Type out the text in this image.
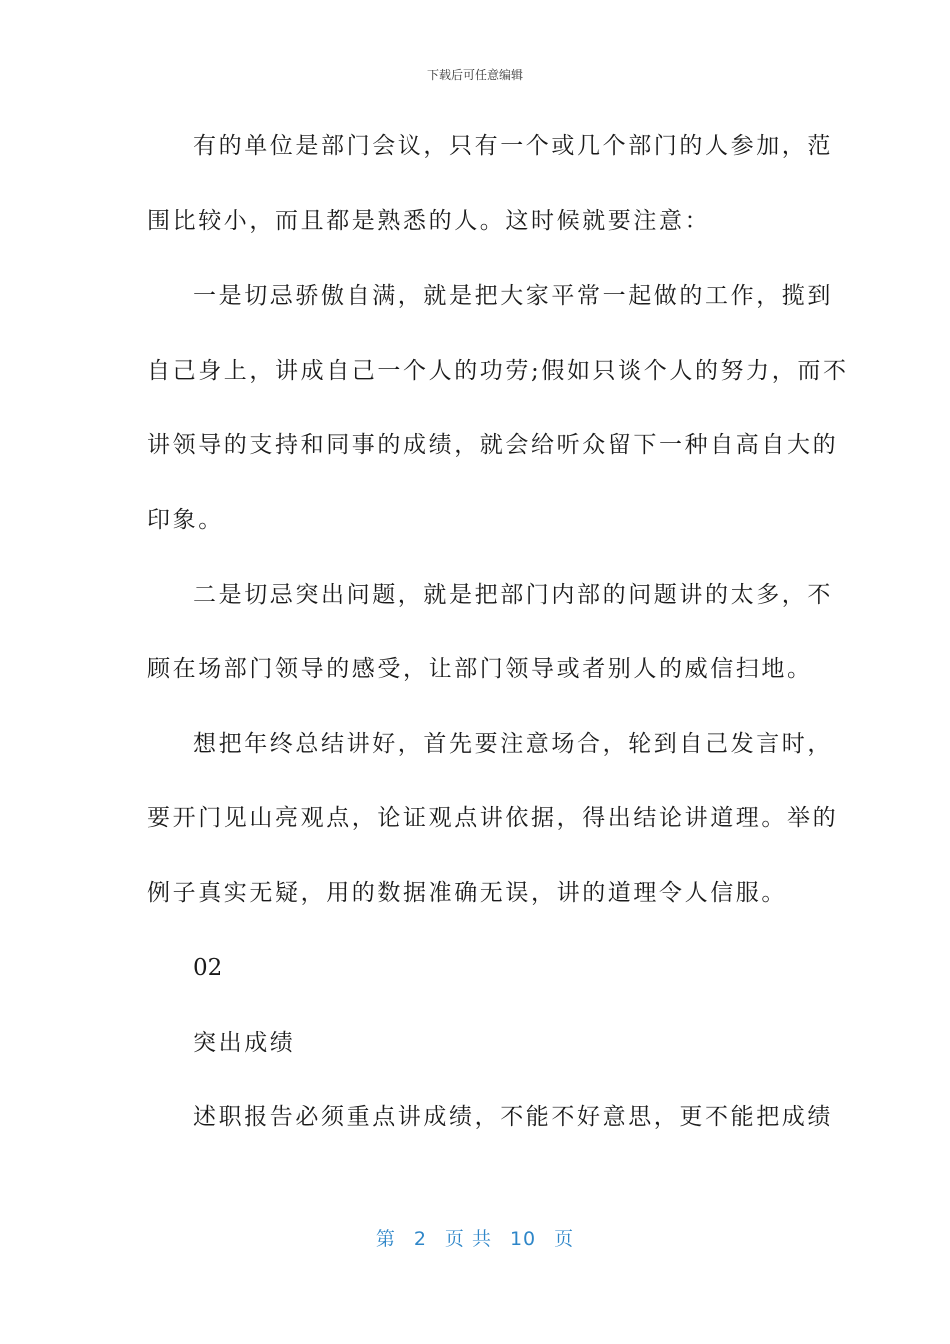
下载后可任意编辑
有的单位是部门会议，只有一个或几个部门的人参加，范
围比较小，而且都是熟悉的人。这时候就要注意：
一是切忌骄傲自满，就是把大家平常一起做的工作，揽到
自己身上，讲成自己一个人的功劳;假如只谈个人的努力，而不
讲领导的支持和同事的成绩，就会给听众留下一种自高自大的
印象。
二是切忌突出问题，就是把部门内部的问题讲的太多，不
顾在场部门领导的感受，让部门领导或者别人的威信扫地。
想把年终总结讲好，首先要注意场合，轮到自己发言时，
要开门见山亮观点，论证观点讲依据，得出结论讲道理。举的
例子真实无疑，用的数据准确无误，讲的道理令人信服。
02
突出成绩
述职报告必须重点讲成绩，不能不好意思，更不能把成绩
第 2 页 共 10 页
